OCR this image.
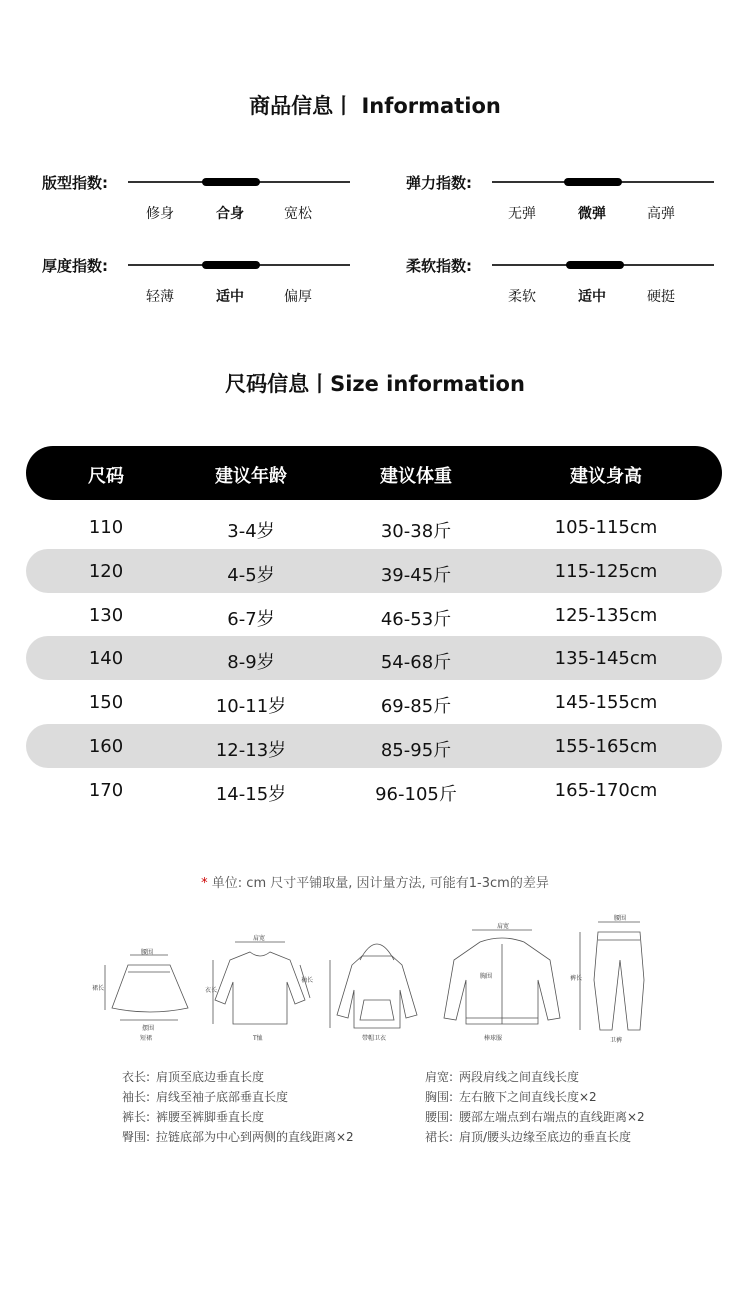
商品信息丨 Information
版型指数:
修身	合身	宽松
弹力指数:
无弹	微弹	高弹
厚度指数:
轻薄	适中	偏厚
柔软指数:
柔软	适中	硬挺
尺码信息丨Size information
尺码	建议年龄	建议体重	建议身高
110	3-4岁	30-38斤	105-115cm
120	4-5岁	39-45斤	115-125cm
130	6-7岁	46-53斤	125-135cm
140	8-9岁	54-68斤	135-145cm
150	10-11岁	69-85斤	145-155cm
160	12-13岁	85-95斤	155-165cm
170	14-15岁	96-105斤	165-170cm
* 单位: cm 尺寸平铺取量, 因计量方法, 可能有1-3cm的差异
腰围
摆围
裙长
短裙
肩宽
衣长
袖长
T恤	带帽卫衣
肩宽
胸围
棒球服
腰围
裤长
卫裤
衣长: 肩顶至底边垂直长度
袖长: 肩线至袖子底部垂直长度
裤长: 裤腰至裤脚垂直长度
臀围: 拉链底部为中心到两侧的直线距离×2
肩宽: 两段肩线之间直线长度
胸围: 左右腋下之间直线长度×2
腰围: 腰部左端点到右端点的直线距离×2
裙长: 肩顶/腰头边缘至底边的垂直长度
